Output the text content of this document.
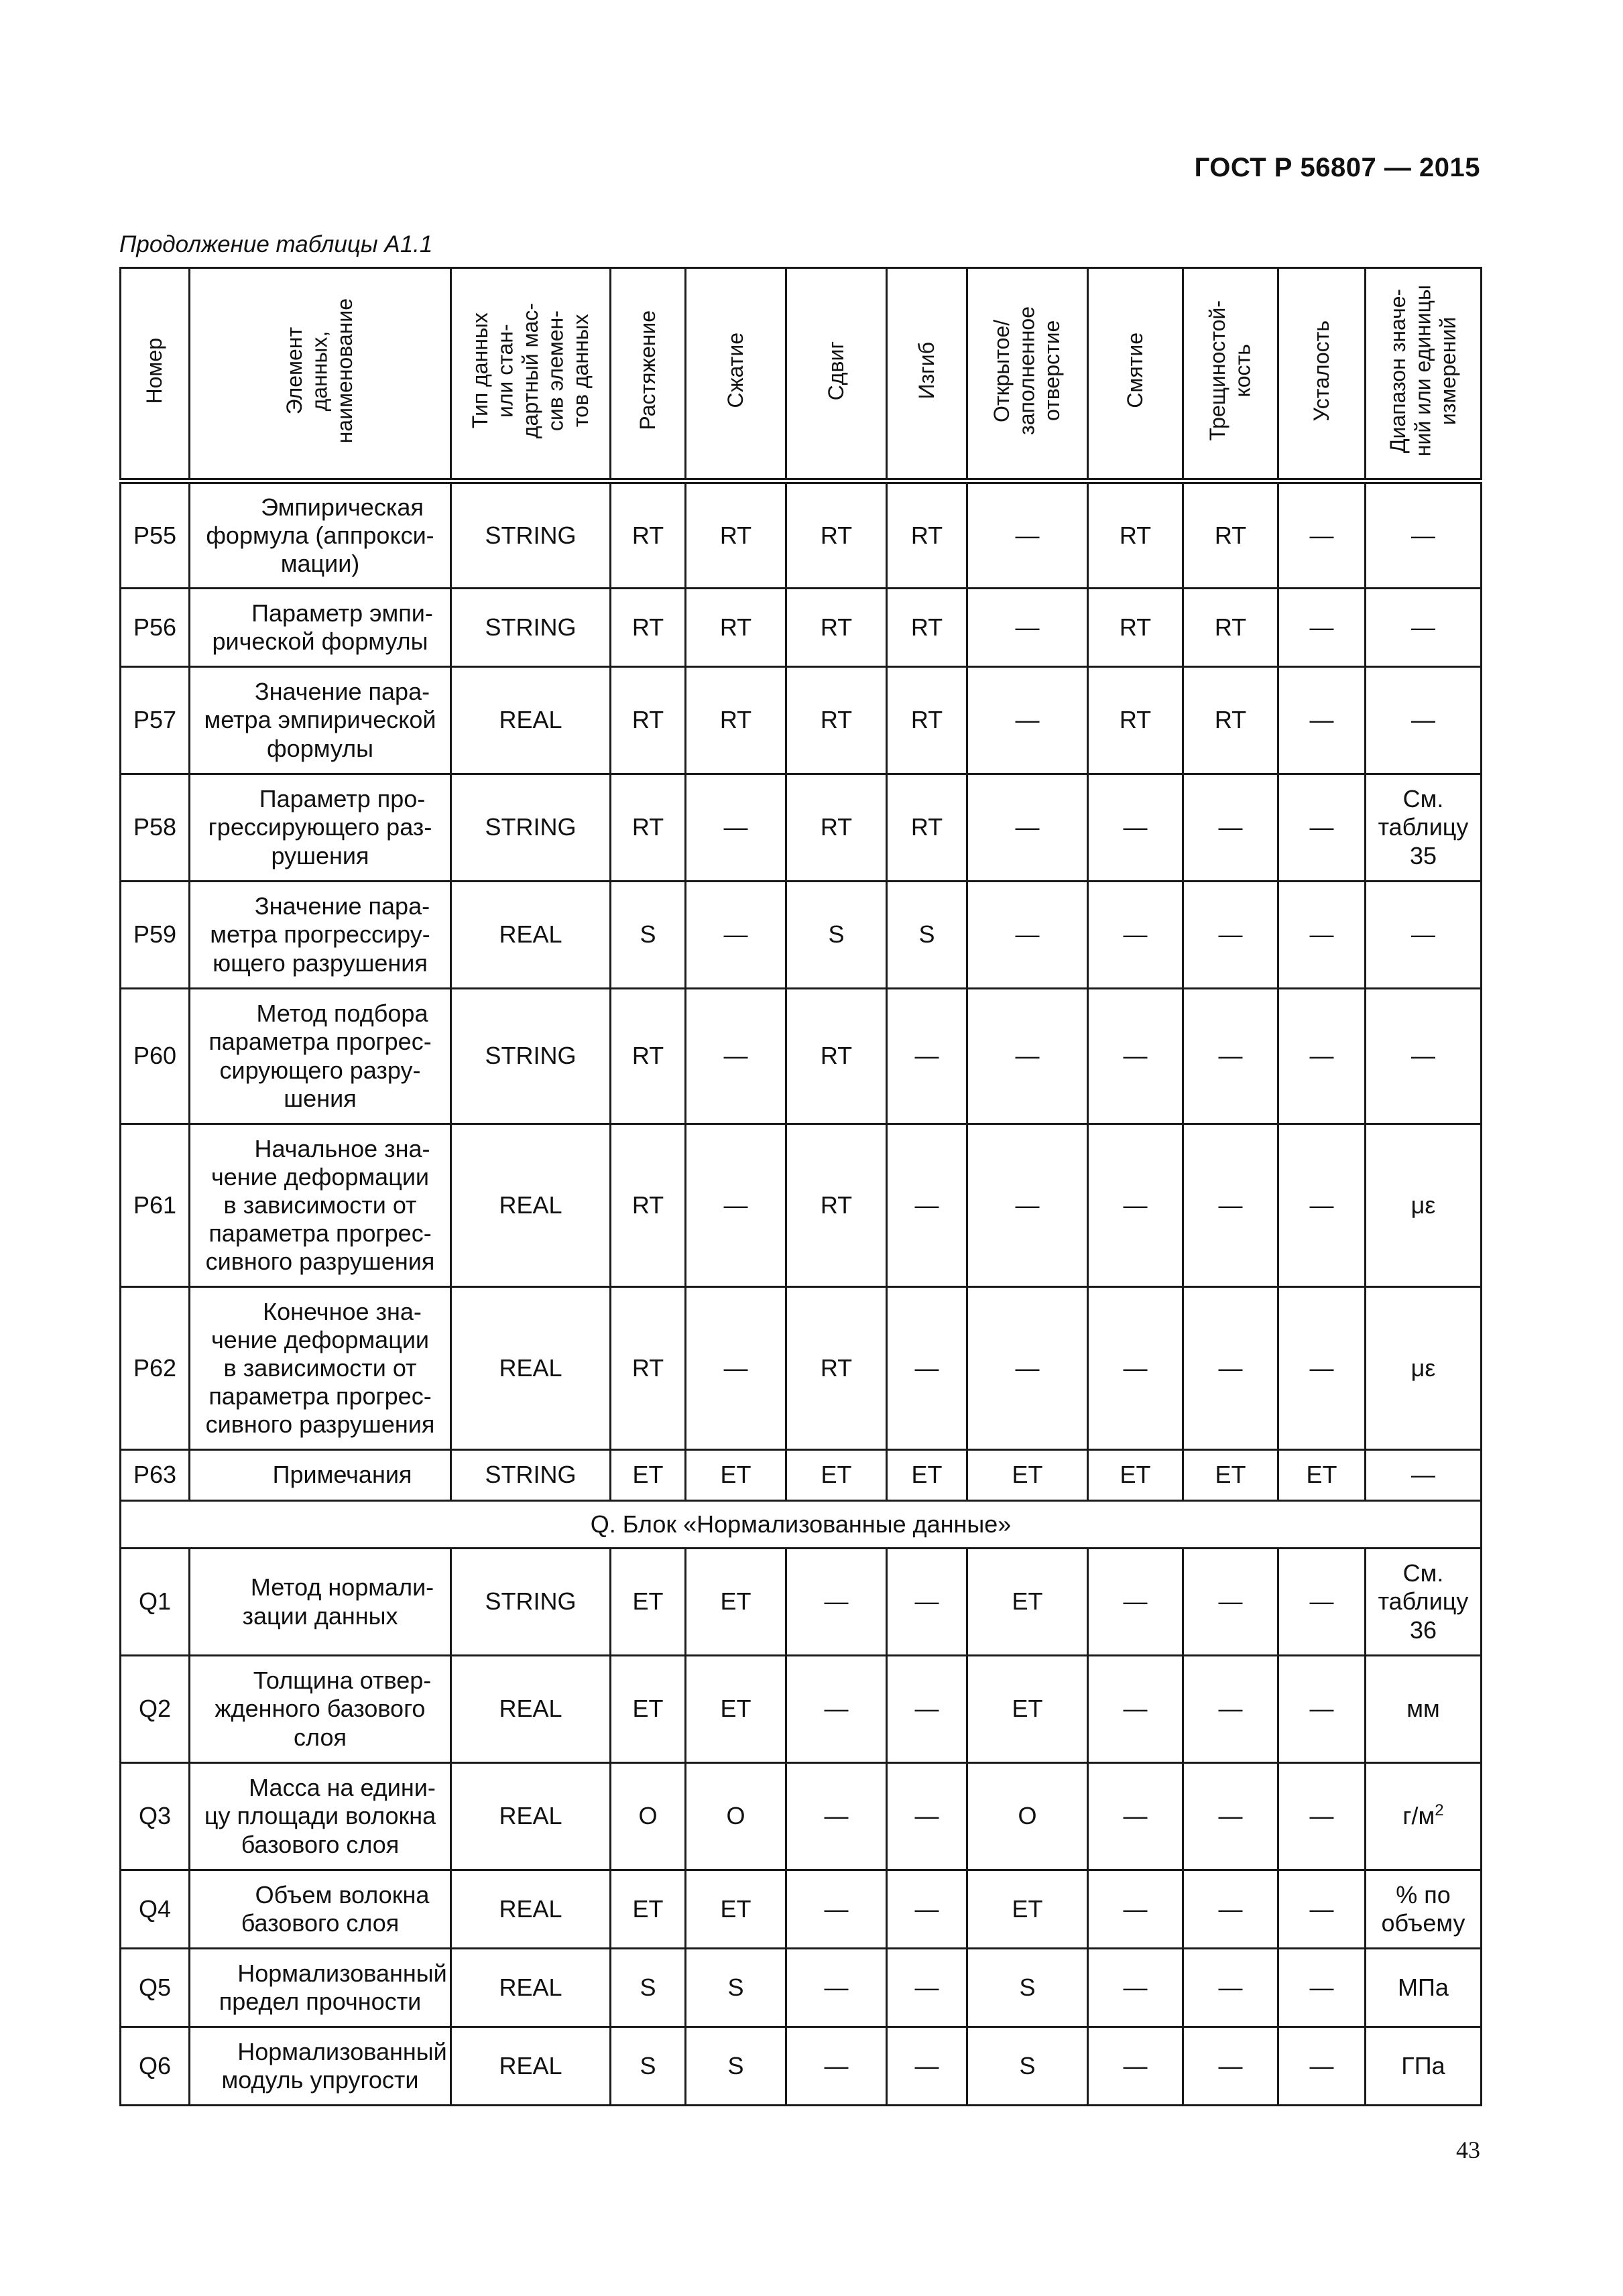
ГОСТ Р 56807 — 2015
Продолжение таблицы А1.1
Номер	Элемент
данных,
наименование	Тип данных
или стан-
дартный мас-
сив элемен-
тов данных	Растяжение	Сжатие	Сдвиг	Изгиб	Открытое/
заполненное
отверстие	Смятие	Трещиностой-
кость	Усталость	Диапазон значе-
ний или единицы
измерений
P55	Эмпирическая
формула (аппрокси-
мации)	STRING	RT	RT	RT	RT	—	RT	RT	—	—
P56	Параметр эмпи-
рической формулы	STRING	RT	RT	RT	RT	—	RT	RT	—	—
P57	Значение пара-
метра эмпирической
формулы	REAL	RT	RT	RT	RT	—	RT	RT	—	—
P58	Параметр про-
грессирующего раз-
рушения	STRING	RT	—	RT	RT	—	—	—	—	См.
таблицу
35
P59	Значение пара-
метра прогрессиру-
ющего разрушения	REAL	S	—	S	S	—	—	—	—	—
P60	Метод подбора
параметра прогрес-
сирующего разру-
шения	STRING	RT	—	RT	—	—	—	—	—	—
P61	Начальное зна-
чение деформации
в зависимости от
параметра прогрес-
сивного разрушения	REAL	RT	—	RT	—	—	—	—	—	με
P62	Конечное зна-
чение деформации
в зависимости от
параметра прогрес-
сивного разрушения	REAL	RT	—	RT	—	—	—	—	—	με
P63	Примечания	STRING	ET	ET	ET	ET	ET	ET	ET	ET	—
Q. Блок «Нормализованные данные»											
Q1	Метод нормали-
зации данных	STRING	ET	ET	—	—	ET	—	—	—	См.
таблицу
36
Q2	Толщина отвер-
жденного базового
слоя	REAL	ET	ET	—	—	ET	—	—	—	мм
Q3	Масса на едини-
цу площади волокна
базового слоя	REAL	O	O	—	—	O	—	—	—	$г/м^2$
Q4	Объем волокна
базового слоя	REAL	ET	ET	—	—	ET	—	—	—	% по
объему
Q5	Нормализованный
предел прочности	REAL	S	S	—	—	S	—	—	—	МПа
Q6	Нормализованный
модуль упругости	REAL	S	S	—	—	S	—	—	—	ГПа
43
